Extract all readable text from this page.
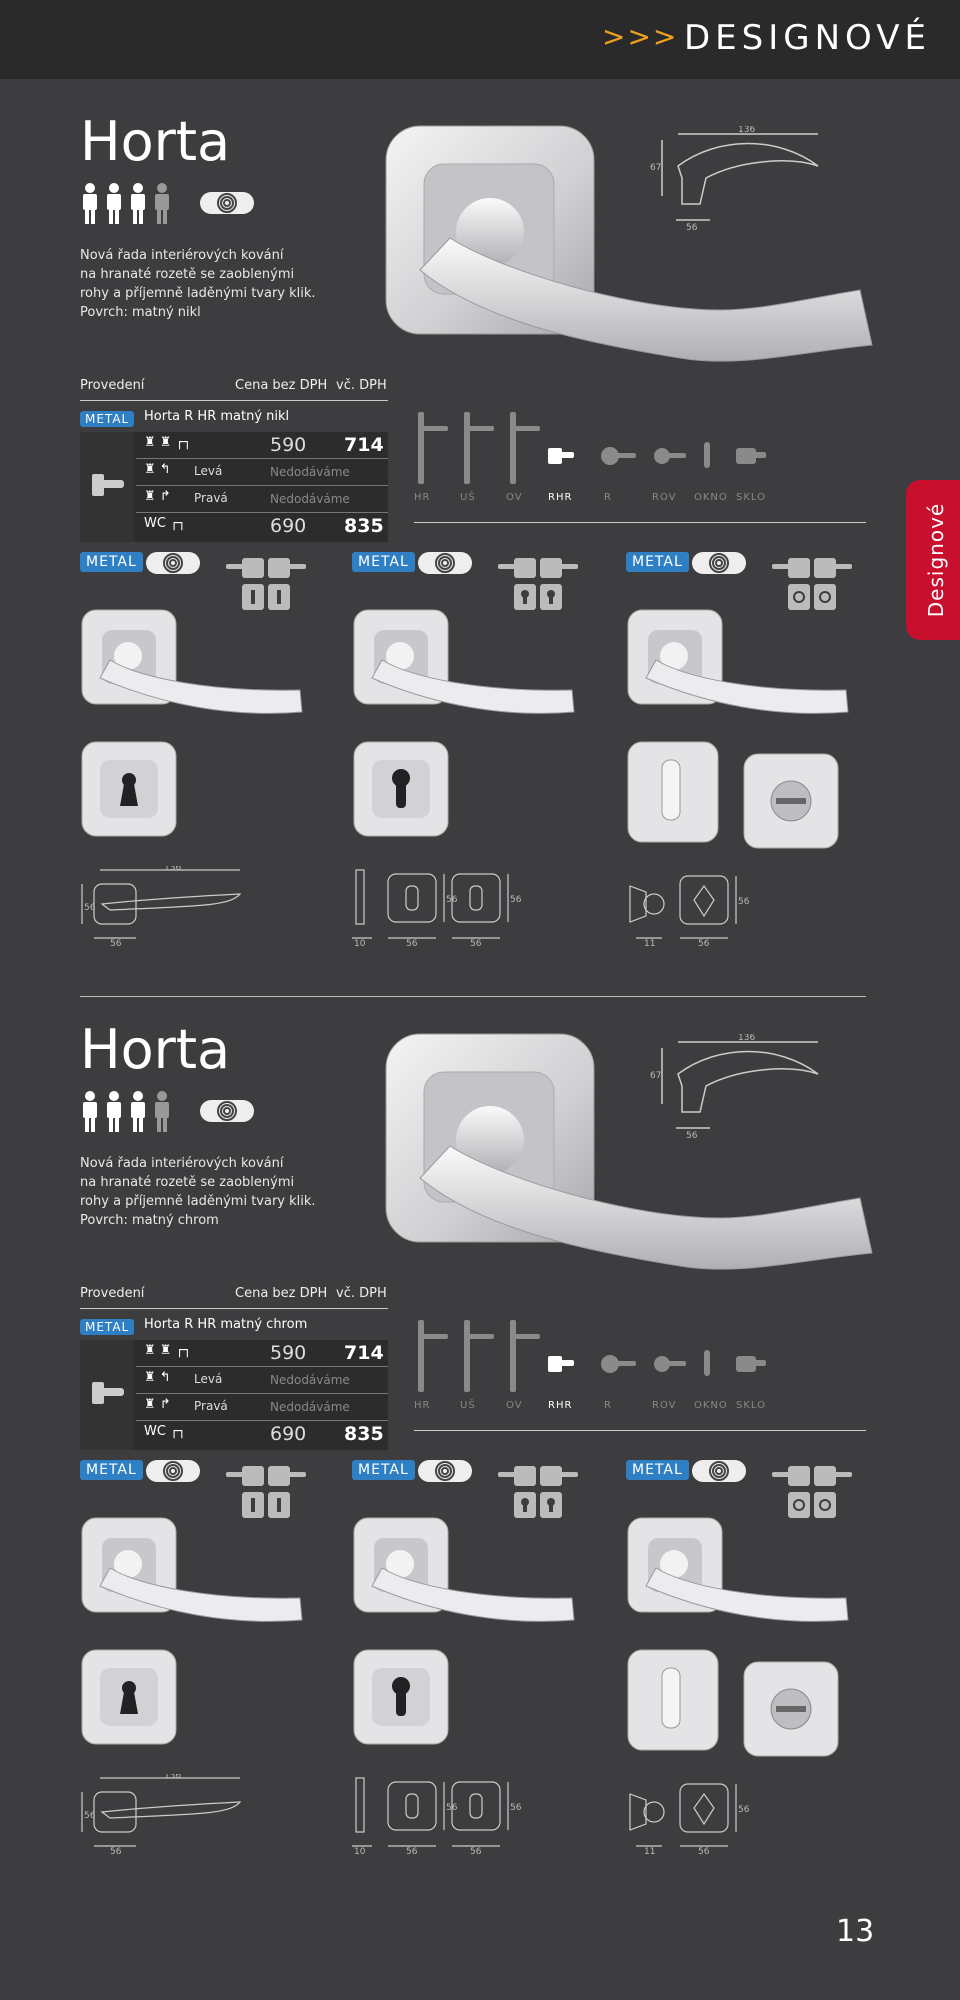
>>> DESIGNOVÉ
Designové
Horta
Nová řada interiérových kování
na hranaté rozetě se zaoblenými
rohy a příjemně laděnými tvary klik.
Povrch: matný nikl
136
67
56
Provedení	Cena bez DPH vč. DPH
METAL Horta R HR matný nikl
♜ ♜ ┌┐	590 714
♜ ↰ Levá	Nedodáváme
♜ ↱ Pravá	Nedodáváme
WC ┌┐	690 835
HR	UŠ	OV	RHR	R	ROV OKNO SKLO
METAL
136
56
56
METAL
10	56	56
56	56
METAL
11	56
56
Horta
Nová řada interiérových kování
na hranaté rozetě se zaoblenými
rohy a příjemně laděnými tvary klik.
Povrch: matný chrom
136
67
56
Provedení	Cena bez DPH vč. DPH
METAL Horta R HR matný chrom
♜ ♜ ┌┐	590 714
♜ ↰ Levá	Nedodáváme
♜ ↱ Pravá	Nedodáváme
WC ┌┐	690 835
HR	UŠ	OV	RHR	R	ROV OKNO SKLO
METAL
136
56
56
METAL
10	56	56
56	56
METAL
11	56
56
13
